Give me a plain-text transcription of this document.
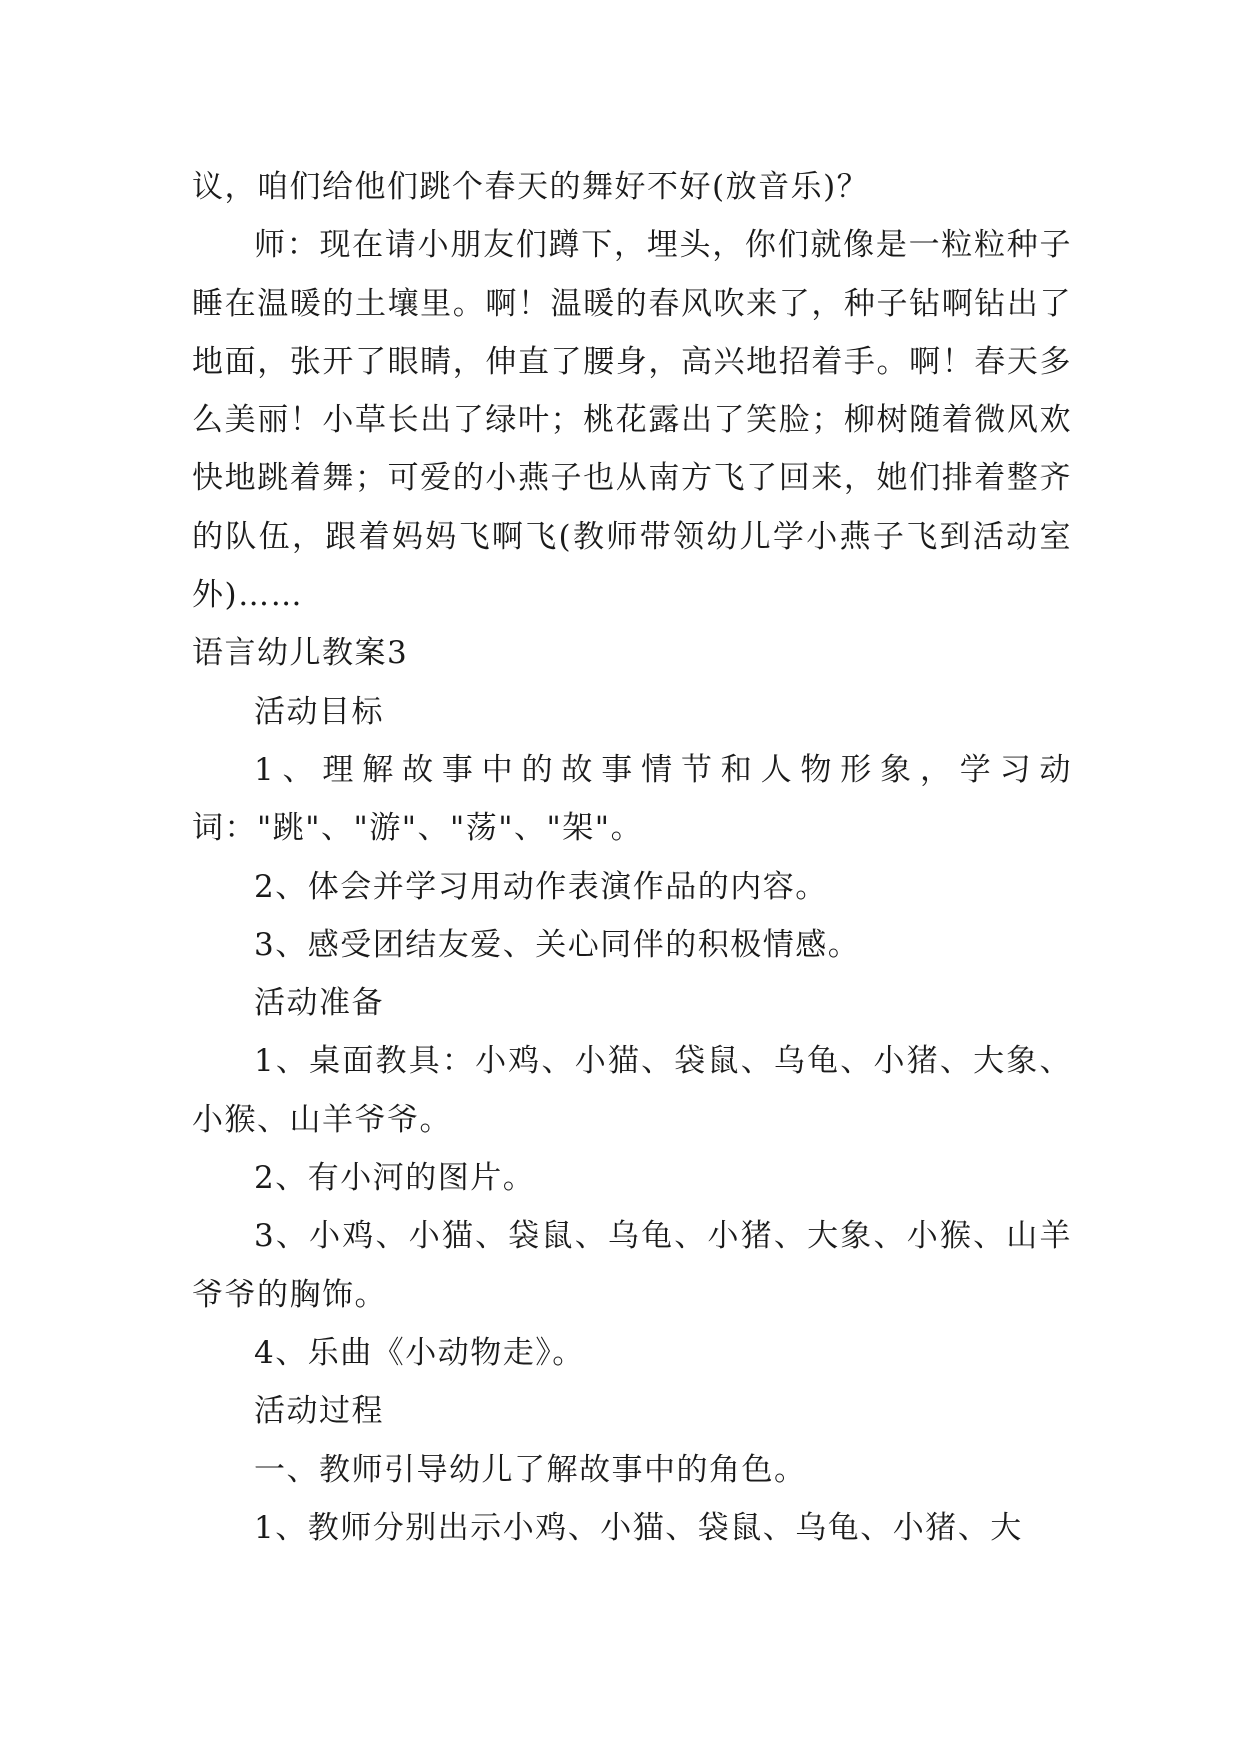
议，咱们给他们跳个春天的舞好不好(放音乐)？

师：现在请小朋友们蹲下，埋头，你们就像是一粒粒种子睡在温暖的土壤里。啊！温暖的春风吹来了，种子钻啊钻出了地面，张开了眼睛，伸直了腰身，高兴地招着手。啊！春天多么美丽！小草长出了绿叶；桃花露出了笑脸；柳树随着微风欢快地跳着舞；可爱的小燕子也从南方飞了回来，她们排着整齐的队伍，跟着妈妈飞啊飞(教师带领幼儿学小燕子飞到活动室外)……

语言幼儿教案3

活动目标

1、理解故事中的故事情节和人物形象，学习动词："跳"、"游"、"荡"、"架"。

2、体会并学习用动作表演作品的内容。

3、感受团结友爱、关心同伴的积极情感。

活动准备

1、桌面教具：小鸡、小猫、袋鼠、乌龟、小猪、大象、小猴、山羊爷爷。

2、有小河的图片。

3、小鸡、小猫、袋鼠、乌龟、小猪、大象、小猴、山羊爷爷的胸饰。

4、乐曲《小动物走》。

活动过程

一、教师引导幼儿了解故事中的角色。

1、教师分别出示小鸡、小猫、袋鼠、乌龟、小猪、大
